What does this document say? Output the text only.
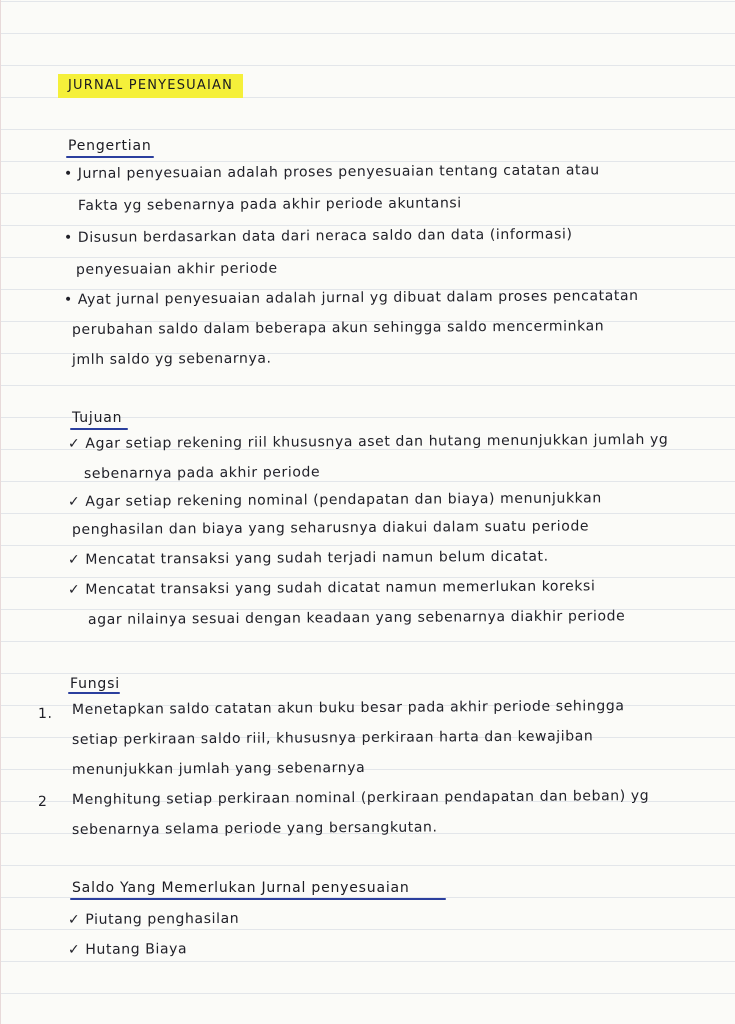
JURNAL PENYESUAIAN
Pengertian
• Jurnal penyesuaian adalah proses penyesuaian tentang catatan atau
Fakta yg sebenarnya pada akhir periode akuntansi
• Disusun berdasarkan data dari neraca saldo dan data (informasi)
penyesuaian akhir periode
• Ayat jurnal penyesuaian adalah jurnal yg dibuat dalam proses pencatatan
perubahan saldo dalam beberapa akun sehingga saldo mencerminkan
jmlh saldo yg sebenarnya.
Tujuan
✓ Agar setiap rekening riil khususnya aset dan hutang menunjukkan jumlah yg
sebenarnya pada akhir periode
✓ Agar setiap rekening nominal (pendapatan dan biaya) menunjukkan
penghasilan dan biaya yang seharusnya diakui dalam suatu periode
✓ Mencatat transaksi yang sudah terjadi namun belum dicatat.
✓ Mencatat transaksi yang sudah dicatat namun memerlukan koreksi
agar nilainya sesuai dengan keadaan yang sebenarnya diakhir periode
Fungsi
1. Menetapkan saldo catatan akun buku besar pada akhir periode sehingga
setiap perkiraan saldo riil, khususnya perkiraan harta dan kewajiban
menunjukkan jumlah yang sebenarnya
2 Menghitung setiap perkiraan nominal (perkiraan pendapatan dan beban) yg
sebenarnya selama periode yang bersangkutan.
Saldo Yang Memerlukan Jurnal penyesuaian
✓ Piutang penghasilan
✓ Hutang Biaya
